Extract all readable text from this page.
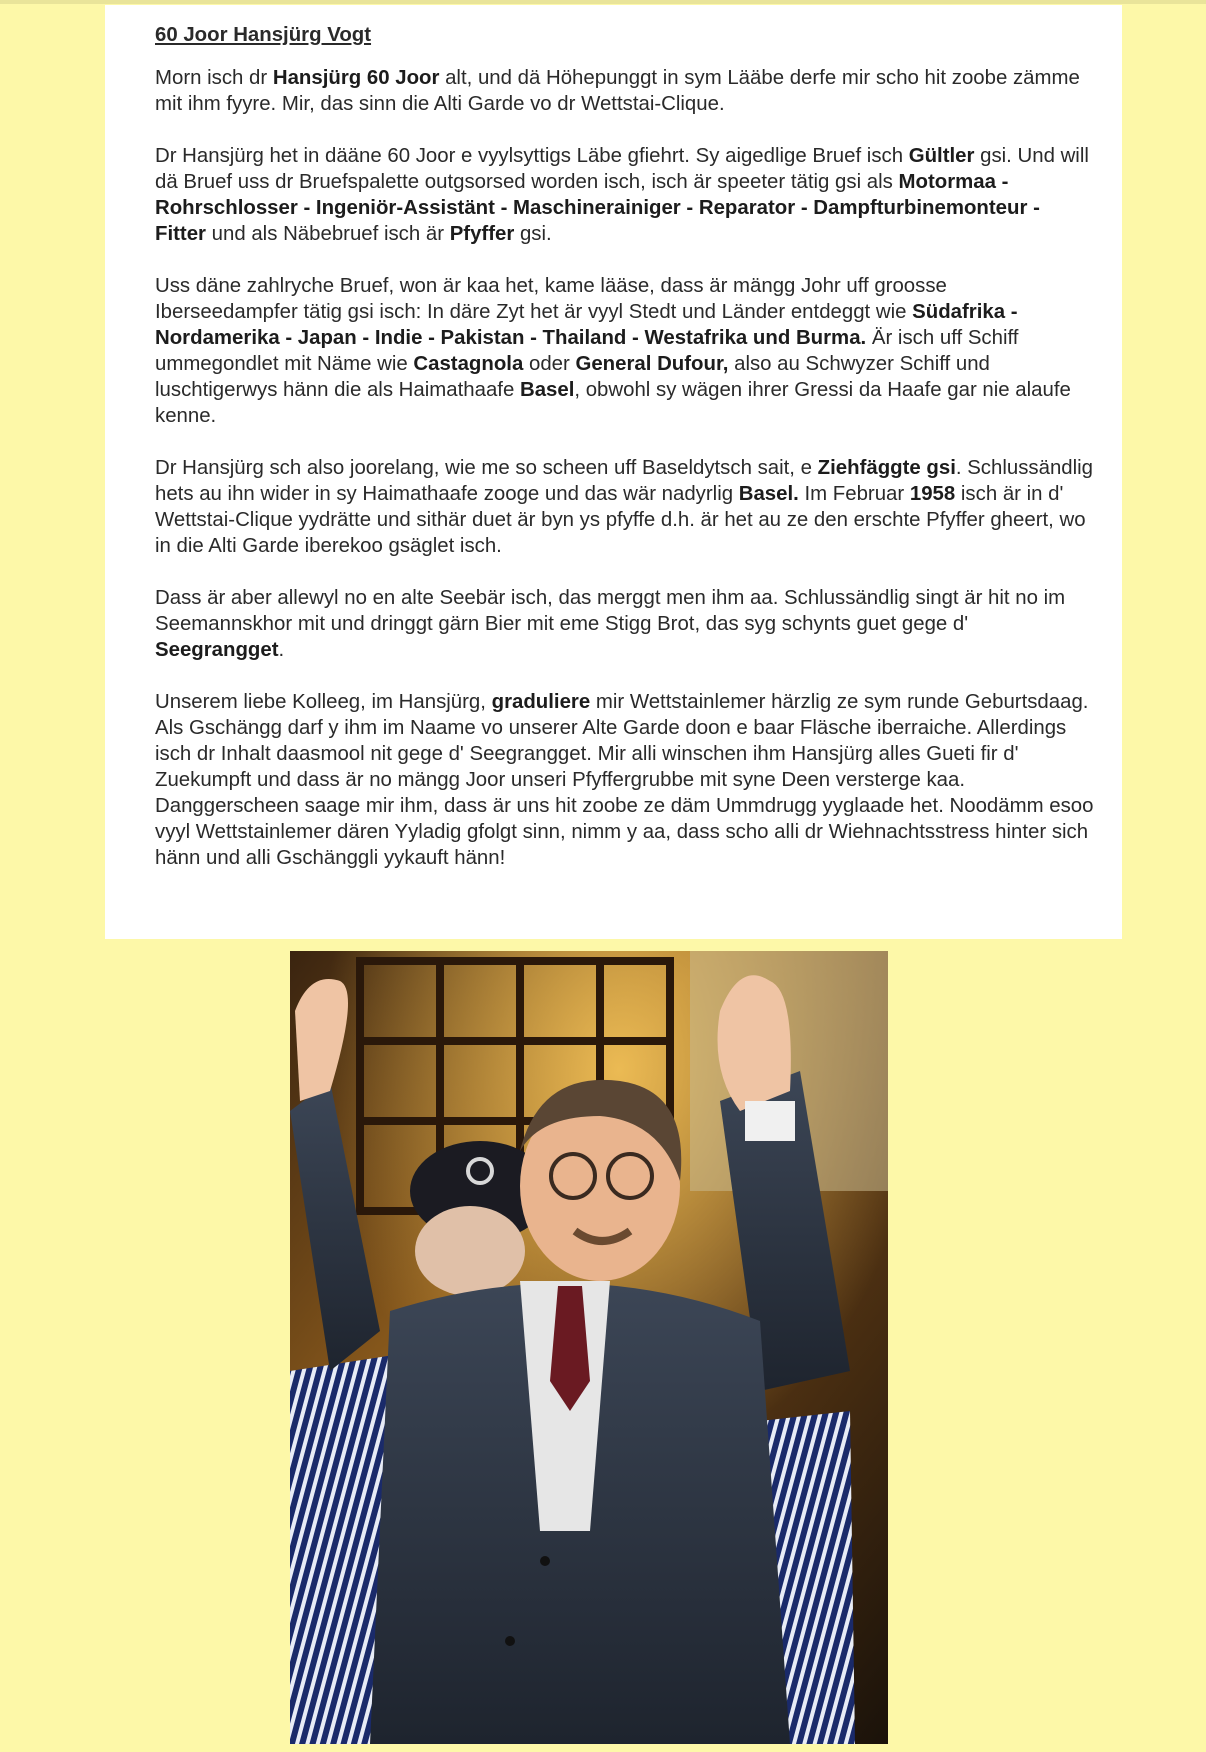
60 Joor Hansjürg Vogt

Morn isch dr Hansjürg 60 Joor alt, und dä Höhepunggt in sym Lääbe derfe mir scho hit zoobe zämme mit ihm fyyre. Mir, das sinn die Alti Garde vo dr Wettstai-Clique.

Dr Hansjürg het in dääne 60 Joor e vyylsyttigs Läbe gfiehrt. Sy aigedlige Bruef isch Gültler gsi. Und will dä Bruef uss dr Bruefspalette outgsorsed worden isch, isch är speeter tätig gsi als Motormaa - Rohrschlosser - Ingeniör-Assistänt - Maschinerainiger - Reparator - Dampfturbinemonteur - Fitter und als Näbebruef isch är Pfyffer gsi.

Uss däne zahlryche Bruef, won är kaa het, kame lääse, dass är mängg Johr uff groosse Iberseedampfer tätig gsi isch: In däre Zyt het är vyyl Stedt und Länder entdeggt wie Südafrika - Nordamerika - Japan - Indie - Pakistan - Thailand - Westafrika und Burma. Är isch uff Schiff ummegondlet mit Näme wie Castagnola oder General Dufour, also au Schwyzer Schiff und luschtigerwys hänn die als Haimathaafe Basel, obwohl sy wägen ihrer Gressi da Haafe gar nie alaufe kenne.

Dr Hansjürg sch also joorelang, wie me so scheen uff Baseldytsch sait, e Ziehfäggte gsi. Schlussändlig hets au ihn wider in sy Haimathaafe zooge und das wär nadyrlig Basel. Im Februar 1958 isch är in d' Wettstai-Clique yydrätte und sithär duet är byn ys pfyffe d.h. är het au ze den erschte Pfyffer gheert, wo in die Alti Garde iberekoo gsäglet isch.

Dass är aber allewyl no en alte Seebär isch, das merggt men ihm aa. Schlussändlig singt är hit no im Seemannskhor mit und dringgt gärn Bier mit eme Stigg Brot, das syg schynts guet gege d' Seegrangget.

Unserem liebe Kolleeg, im Hansjürg, graduliere mir Wettstainlemer härzlig ze sym runde Geburtsdaag. Als Gschängg darf y ihm im Naame vo unserer Alte Garde doon e baar Fläsche iberraiche. Allerdings isch dr Inhalt daasmool nit gege d' Seegrangget. Mir alli winschen ihm Hansjürg alles Gueti fir d' Zuekumpft und dass är no mängg Joor unseri Pfyffergrubbe mit syne Deen versterge kaa. Danggerscheen saage mir ihm, dass är uns hit zoobe ze däm Ummdrugg yyglaade het. Noodämm esoo vyyl Wettstainlemer dären Yyladig gfolgt sinn, nimm y aa, dass scho alli dr Wiehnachtsstress hinter sich hänn und alli Gschänggli yykauft hänn!
